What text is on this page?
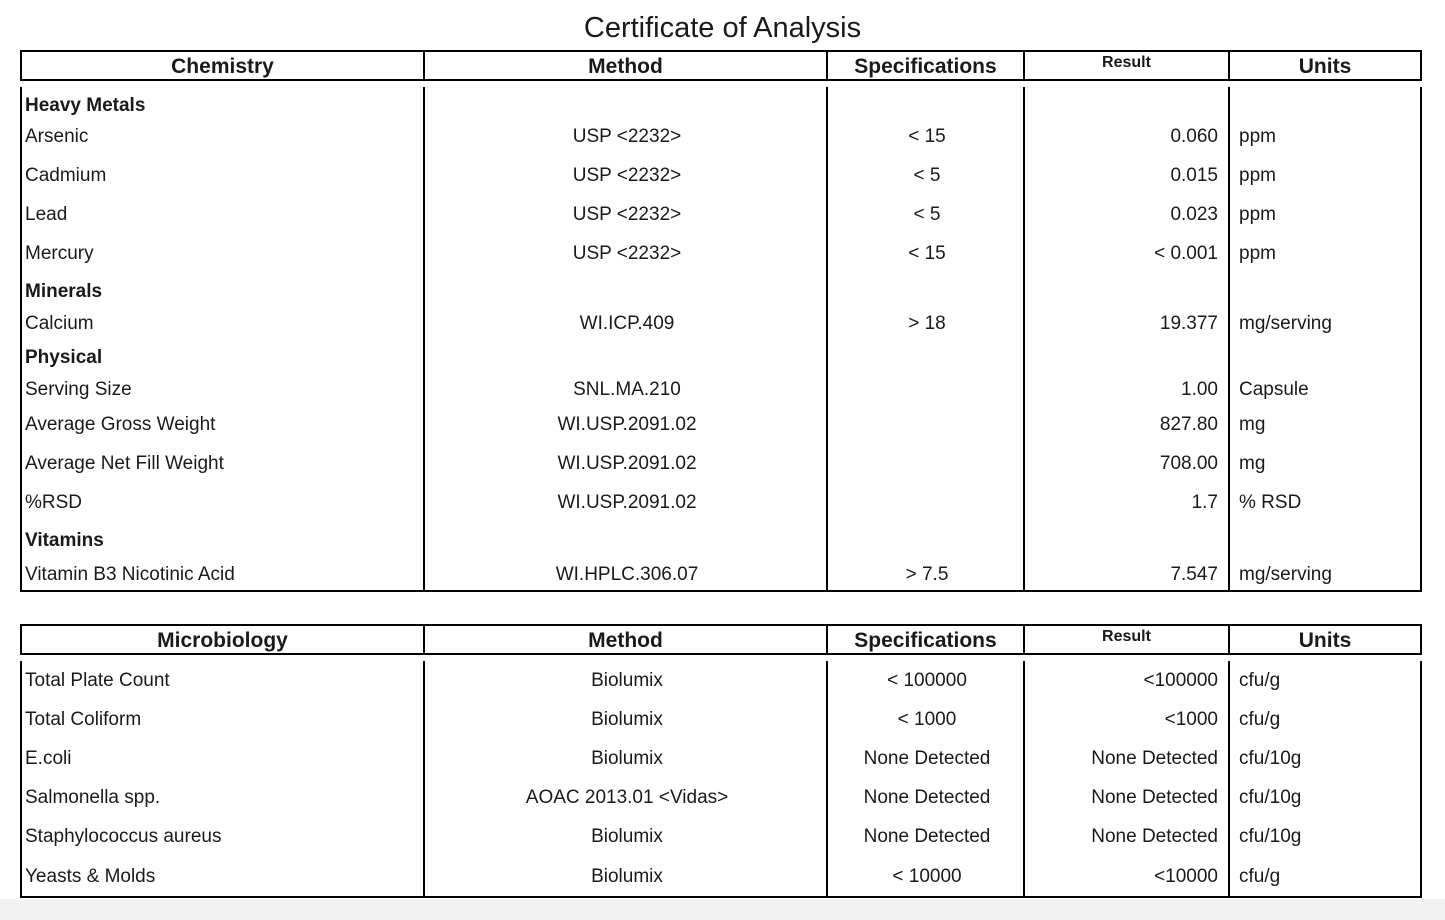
Certificate of Analysis
Chemistry	Method	Specifications	Result	Units

Heavy Metals				
Arsenic	USP <2232>	< 15	0.060	ppm
Cadmium	USP <2232>	< 5	0.015	ppm
Lead	USP <2232>	< 5	0.023	ppm
Mercury	USP <2232>	< 15	< 0.001	ppm
Minerals				
Calcium	WI.ICP.409	> 18	19.377	mg/serving
Physical				
Serving Size	SNL.MA.210		1.00	Capsule
Average Gross Weight	WI.USP.2091.02		827.80	mg
Average Net Fill Weight	WI.USP.2091.02		708.00	mg
%RSD	WI.USP.2091.02		1.7	% RSD
Vitamins				
Vitamin B3 Nicotinic Acid	WI.HPLC.306.07	> 7.5	7.547	mg/serving
Microbiology	Method	Specifications	Result	Units

Total Plate Count	Biolumix	< 100000	<100000	cfu/g
Total Coliform	Biolumix	< 1000	<1000	cfu/g
E.coli	Biolumix	None Detected	None Detected	cfu/10g
Salmonella spp.	AOAC 2013.01 <Vidas>	None Detected	None Detected	cfu/10g
Staphylococcus aureus	Biolumix	None Detected	None Detected	cfu/10g
Yeasts & Molds	Biolumix	< 10000	<10000	cfu/g
